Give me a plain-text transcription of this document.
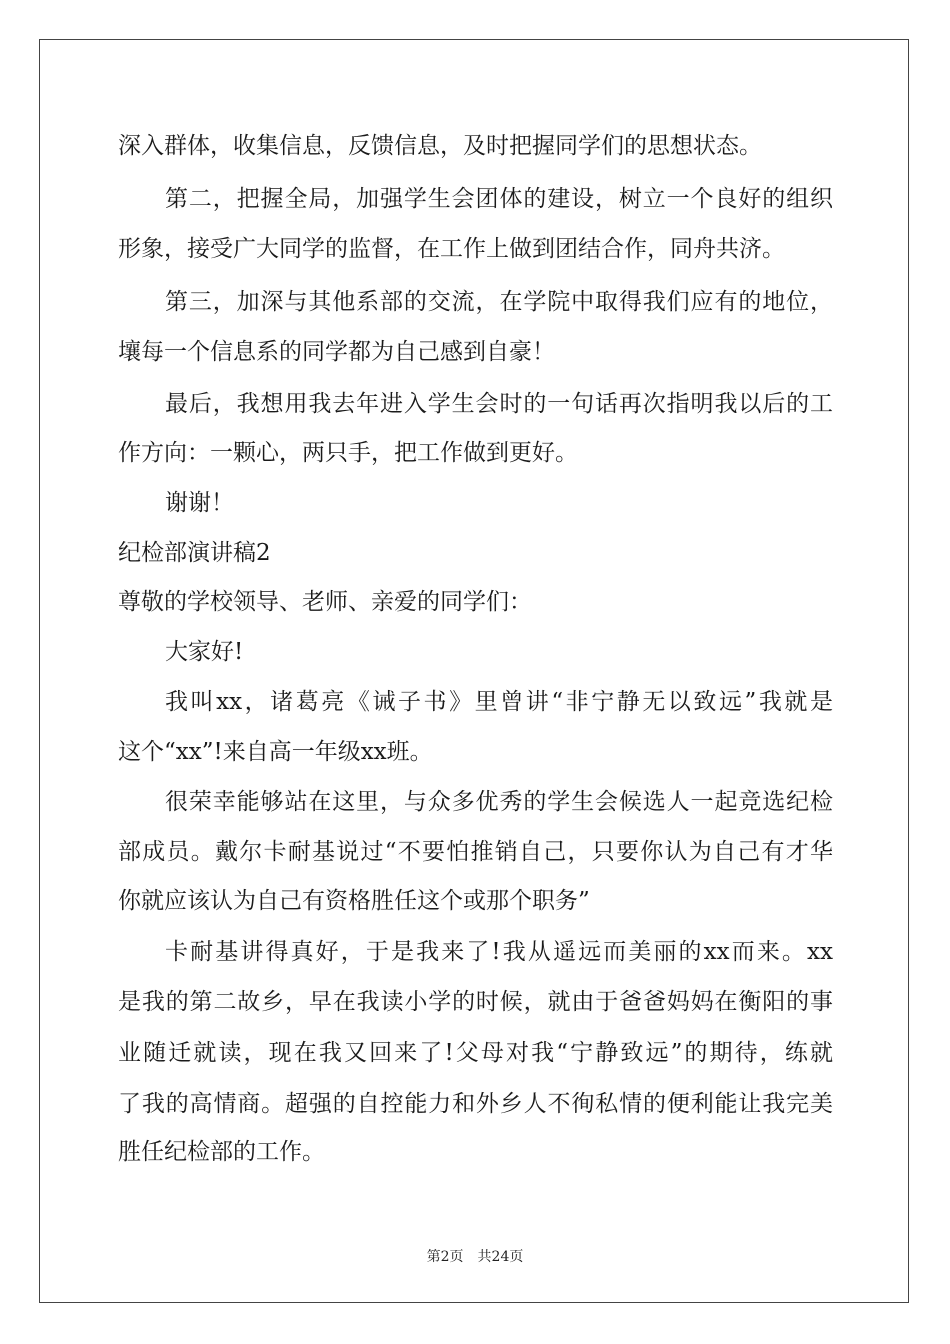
深入群体，收集信息，反馈信息，及时把握同学们的思想状态。
第二，把握全局，加强学生会团体的建设，树立一个良好的组织
形象，接受广大同学的监督，在工作上做到团结合作，同舟共济。
第三，加深与其他系部的交流，在学院中取得我们应有的地位，
壤每一个信息系的同学都为自己感到自豪！
最后，我想用我去年进入学生会时的一句话再次指明我以后的工
作方向：一颗心，两只手，把工作做到更好。
谢谢！
纪检部演讲稿2
尊敬的学校领导、老师、亲爱的同学们：
大家好!
我叫xx，诸葛亮《诫子书》里曾讲“非宁静无以致远”我就是
这个“xx”!来自高一年级xx班。
很荣幸能够站在这里，与众多优秀的学生会候选人一起竞选纪检
部成员。戴尔卡耐基说过“不要怕推销自己，只要你认为自己有才华
你就应该认为自己有资格胜任这个或那个职务”
卡耐基讲得真好，于是我来了!我从遥远而美丽的xx而来。xx
是我的第二故乡，早在我读小学的时候，就由于爸爸妈妈在衡阳的事
业随迁就读，现在我又回来了!父母对我“宁静致远”的期待，练就
了我的高情商。超强的自控能力和外乡人不徇私情的便利能让我完美
胜任纪检部的工作。
第2页　共24页
